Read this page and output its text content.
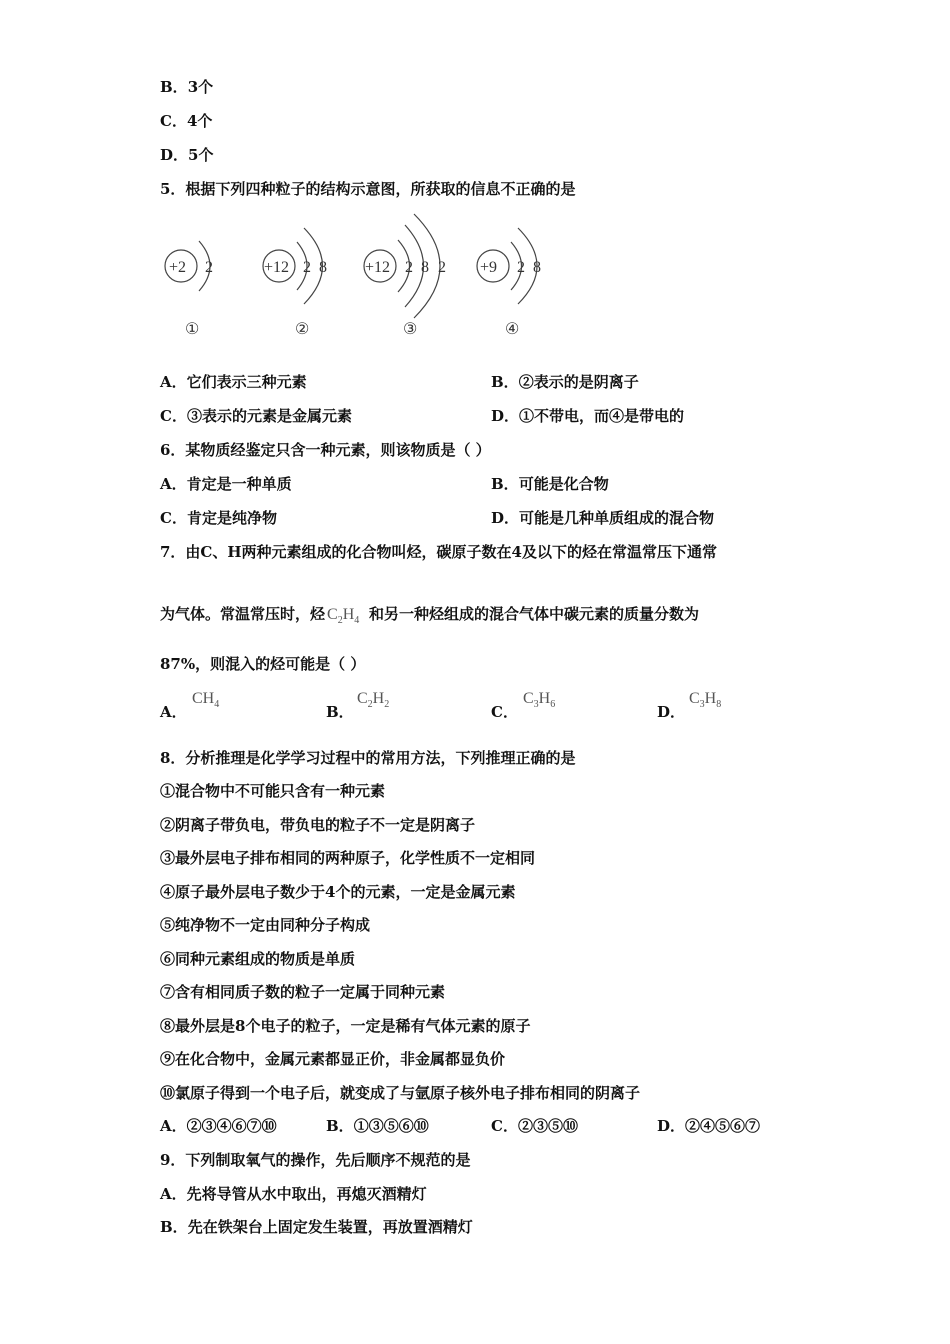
B．3个
C．4个
D．5个
5．根据下列四种粒子的结构示意图，所获取的信息不正确的是
+2 2
①
+12 2 8
②
+12 2 8 2
③
+9 2 8
④
A．它们表示三种元素	B．②表示的是阴离子
C．③表示的元素是金属元素	D．①不带电，而④是带电的
6．某物质经鉴定只含一种元素，则该物质是（ ）
A．肯定是一种单质	B．可能是化合物
C．肯定是纯净物	D．可能是几种单质组成的混合物
7．由C、H两种元素组成的化合物叫烃，碳原子数在4及以下的烃在常温常压下通常
为气体。常温常压时，烃 $C_2H_4$ 和另一种烃组成的混合气体中碳元素的质量分数为
87%，则混入的烃可能是（ ）
A．
$CH_4$	B．
$C_2H_2$	C．
$C_3H_6$	D．
$C_3H_8$
8．分析推理是化学学习过程中的常用方法，下列推理正确的是
①混合物中不可能只含有一种元素
②阴离子带负电，带负电的粒子不一定是阴离子
③最外层电子排布相同的两种原子，化学性质不一定相同
④原子最外层电子数少于4个的元素，一定是金属元素
⑤纯净物不一定由同种分子构成
⑥同种元素组成的物质是单质
⑦含有相同质子数的粒子一定属于同种元素
⑧最外层是8个电子的粒子，一定是稀有气体元素的原子
⑨在化合物中，金属元素都显正价，非金属都显负价
⑩氯原子得到一个电子后，就变成了与氩原子核外电子排布相同的阴离子
A．②③④⑥⑦⑩	B．①③⑤⑥⑩	C．②③⑤⑩	D．②④⑤⑥⑦
9．下列制取氧气的操作，先后顺序不规范的是
A．先将导管从水中取出，再熄灭酒精灯
B．先在铁架台上固定发生装置，再放置酒精灯
